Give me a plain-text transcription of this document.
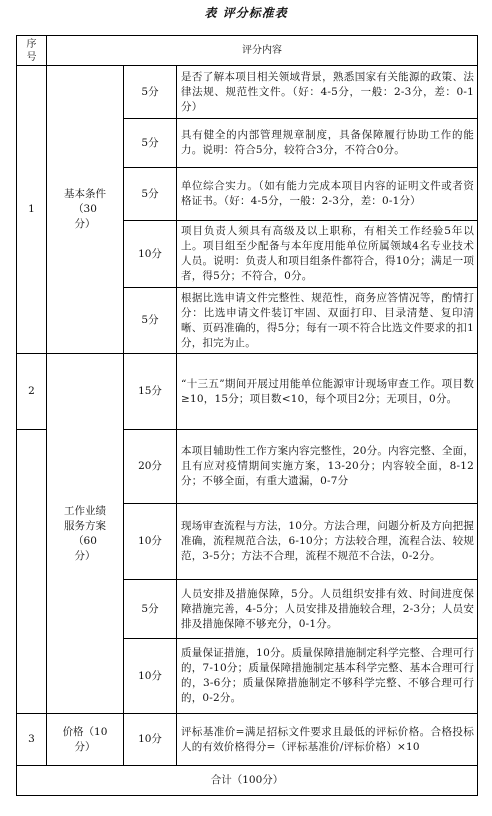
表 评分标准表
序
号	评分内容		
1	基本条件
（30
分）	5分	是否了解本项目相关领域背景，熟悉国家有关能源的政策、法律法规、规范性文件。（好：4-5分，一般：2-3分，差：0-1分）
		5分	具有健全的内部管理规章制度，具备保障履行协助工作的能力。说明：符合5分，较符合3分，不符合0分。
		5分	单位综合实力。（如有能力完成本项目内容的证明文件或者资格证书。（好：4-5分，一般：2-3分，差：0-1分）
		10分	项目负责人须具有高级及以上职称，有相关工作经验5年以上。项目组至少配备与本年度用能单位所属领域4名专业技术人员。说明：负责人和项目组条件都符合，得10分；满足一项者，得5分；不符合，0分。
		5分	根据比选申请文件完整性、规范性，商务应答情况等，酌情打分：比选申请文件装订牢固、双面打印、目录清楚、复印清晰、页码准确的，得5分；每有一项不符合比选文件要求的扣1分，扣完为止。
2	工作业绩
服务方案
（60
分）	15分	“十三五”期间开展过用能单位能源审计现场审查工作。项目数≥10，15分；项目数<10，每个项目2分；无项目，0分。
		20分	本项目辅助性工作方案内容完整性，20分。内容完整、全面，且有应对疫情期间实施方案，13-20分；内容较全面，8-12分；不够全面，有重大遗漏，0-7分
		10分	现场审查流程与方法，10分。方法合理，问题分析及方向把握准确，流程规范合法，6-10分；方法较合理，流程合法、较规范，3-5分；方法不合理，流程不规范不合法，0-2分。
		5分	人员安排及措施保障，5分。人员组织安排有效、时间进度保障措施完善，4-5分；人员安排及措施较合理，2-3分；人员安排及措施保障不够充分，0-1分。
		10分	质量保证措施，10分。质量保障措施制定科学完整、合理可行的，7-10分；质量保障措施制定基本科学完整、基本合理可行的，3-6分；质量保障措施制定不够科学完整、不够合理可行的，0-2分。
3	价格（10
分）	10分	评标基准价=满足招标文件要求且最低的评标价格。合格投标人的有效价格得分=（评标基准价/评标价格）×10
合计（100分）			
